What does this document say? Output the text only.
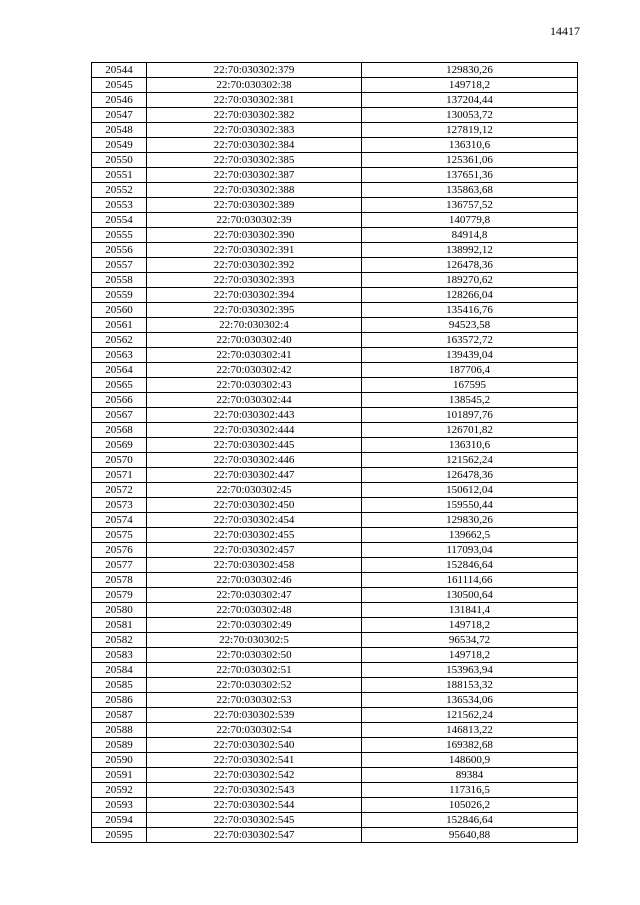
14417
20544	22:70:030302:379	129830,26
20545	22:70:030302:38	149718,2
20546	22:70:030302:381	137204,44
20547	22:70:030302:382	130053,72
20548	22:70:030302:383	127819,12
20549	22:70:030302:384	136310,6
20550	22:70:030302:385	125361,06
20551	22:70:030302:387	137651,36
20552	22:70:030302:388	135863,68
20553	22:70:030302:389	136757,52
20554	22:70:030302:39	140779,8
20555	22:70:030302:390	84914,8
20556	22:70:030302:391	138992,12
20557	22:70:030302:392	126478,36
20558	22:70:030302:393	189270,62
20559	22:70:030302:394	128266,04
20560	22:70:030302:395	135416,76
20561	22:70:030302:4	94523,58
20562	22:70:030302:40	163572,72
20563	22:70:030302:41	139439,04
20564	22:70:030302:42	187706,4
20565	22:70:030302:43	167595
20566	22:70:030302:44	138545,2
20567	22:70:030302:443	101897,76
20568	22:70:030302:444	126701,82
20569	22:70:030302:445	136310,6
20570	22:70:030302:446	121562,24
20571	22:70:030302:447	126478,36
20572	22:70:030302:45	150612,04
20573	22:70:030302:450	159550,44
20574	22:70:030302:454	129830,26
20575	22:70:030302:455	139662,5
20576	22:70:030302:457	117093,04
20577	22:70:030302:458	152846,64
20578	22:70:030302:46	161114,66
20579	22:70:030302:47	130500,64
20580	22:70:030302:48	131841,4
20581	22:70:030302:49	149718,2
20582	22:70:030302:5	96534,72
20583	22:70:030302:50	149718,2
20584	22:70:030302:51	153963,94
20585	22:70:030302:52	188153,32
20586	22:70:030302:53	136534,06
20587	22:70:030302:539	121562,24
20588	22:70:030302:54	146813,22
20589	22:70:030302:540	169382,68
20590	22:70:030302:541	148600,9
20591	22:70:030302:542	89384
20592	22:70:030302:543	117316,5
20593	22:70:030302:544	105026,2
20594	22:70:030302:545	152846,64
20595	22:70:030302:547	95640,88
